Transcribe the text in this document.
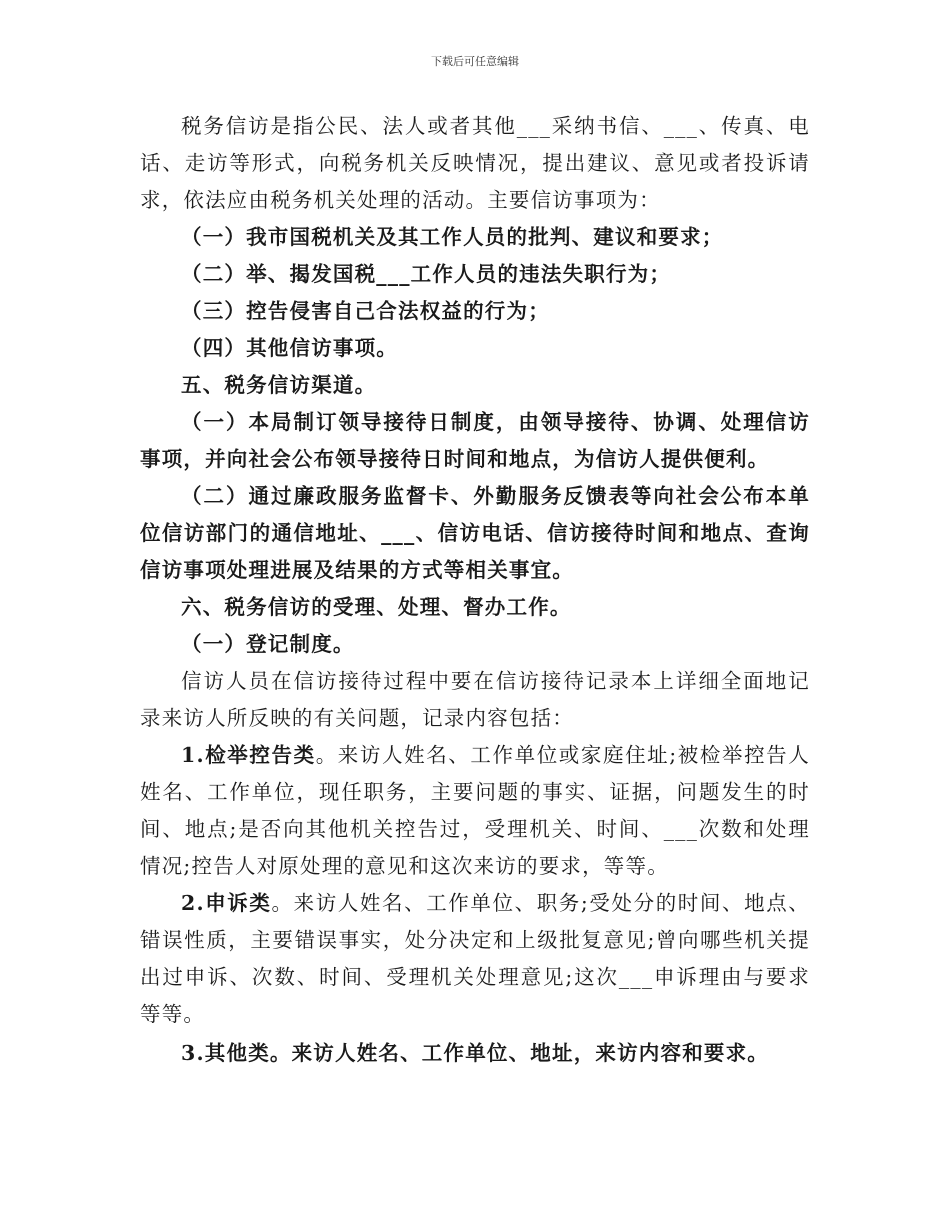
下载后可任意编辑

税务信访是指公民、法人或者其他___采纳书信、___、传真、电话、走访等形式，向税务机关反映情况，提出建议、意见或者投诉请求，依法应由税务机关处理的活动。主要信访事项为：

（一）我市国税机关及其工作人员的批判、建议和要求；

（二）举、揭发国税___工作人员的违法失职行为；

（三）控告侵害自己合法权益的行为；

（四）其他信访事项。

五、税务信访渠道。

（一）本局制订领导接待日制度，由领导接待、协调、处理信访事项，并向社会公布领导接待日时间和地点，为信访人提供便利。

（二）通过廉政服务监督卡、外勤服务反馈表等向社会公布本单位信访部门的通信地址、___、信访电话、信访接待时间和地点、查询信访事项处理进展及结果的方式等相关事宜。

六、税务信访的受理、处理、督办工作。

（一）登记制度。

信访人员在信访接待过程中要在信访接待记录本上详细全面地记录来访人所反映的有关问题，记录内容包括：

1.检举控告类。来访人姓名、工作单位或家庭住址;被检举控告人姓名、工作单位，现任职务，主要问题的事实、证据，问题发生的时间、地点;是否向其他机关控告过，受理机关、时间、___次数和处理情况;控告人对原处理的意见和这次来访的要求，等等。

2.申诉类。来访人姓名、工作单位、职务;受处分的时间、地点、错误性质，主要错误事实，处分决定和上级批复意见;曾向哪些机关提出过申诉、次数、时间、受理机关处理意见;这次___申诉理由与要求等等。

3.其他类。来访人姓名、工作单位、地址，来访内容和要求。
